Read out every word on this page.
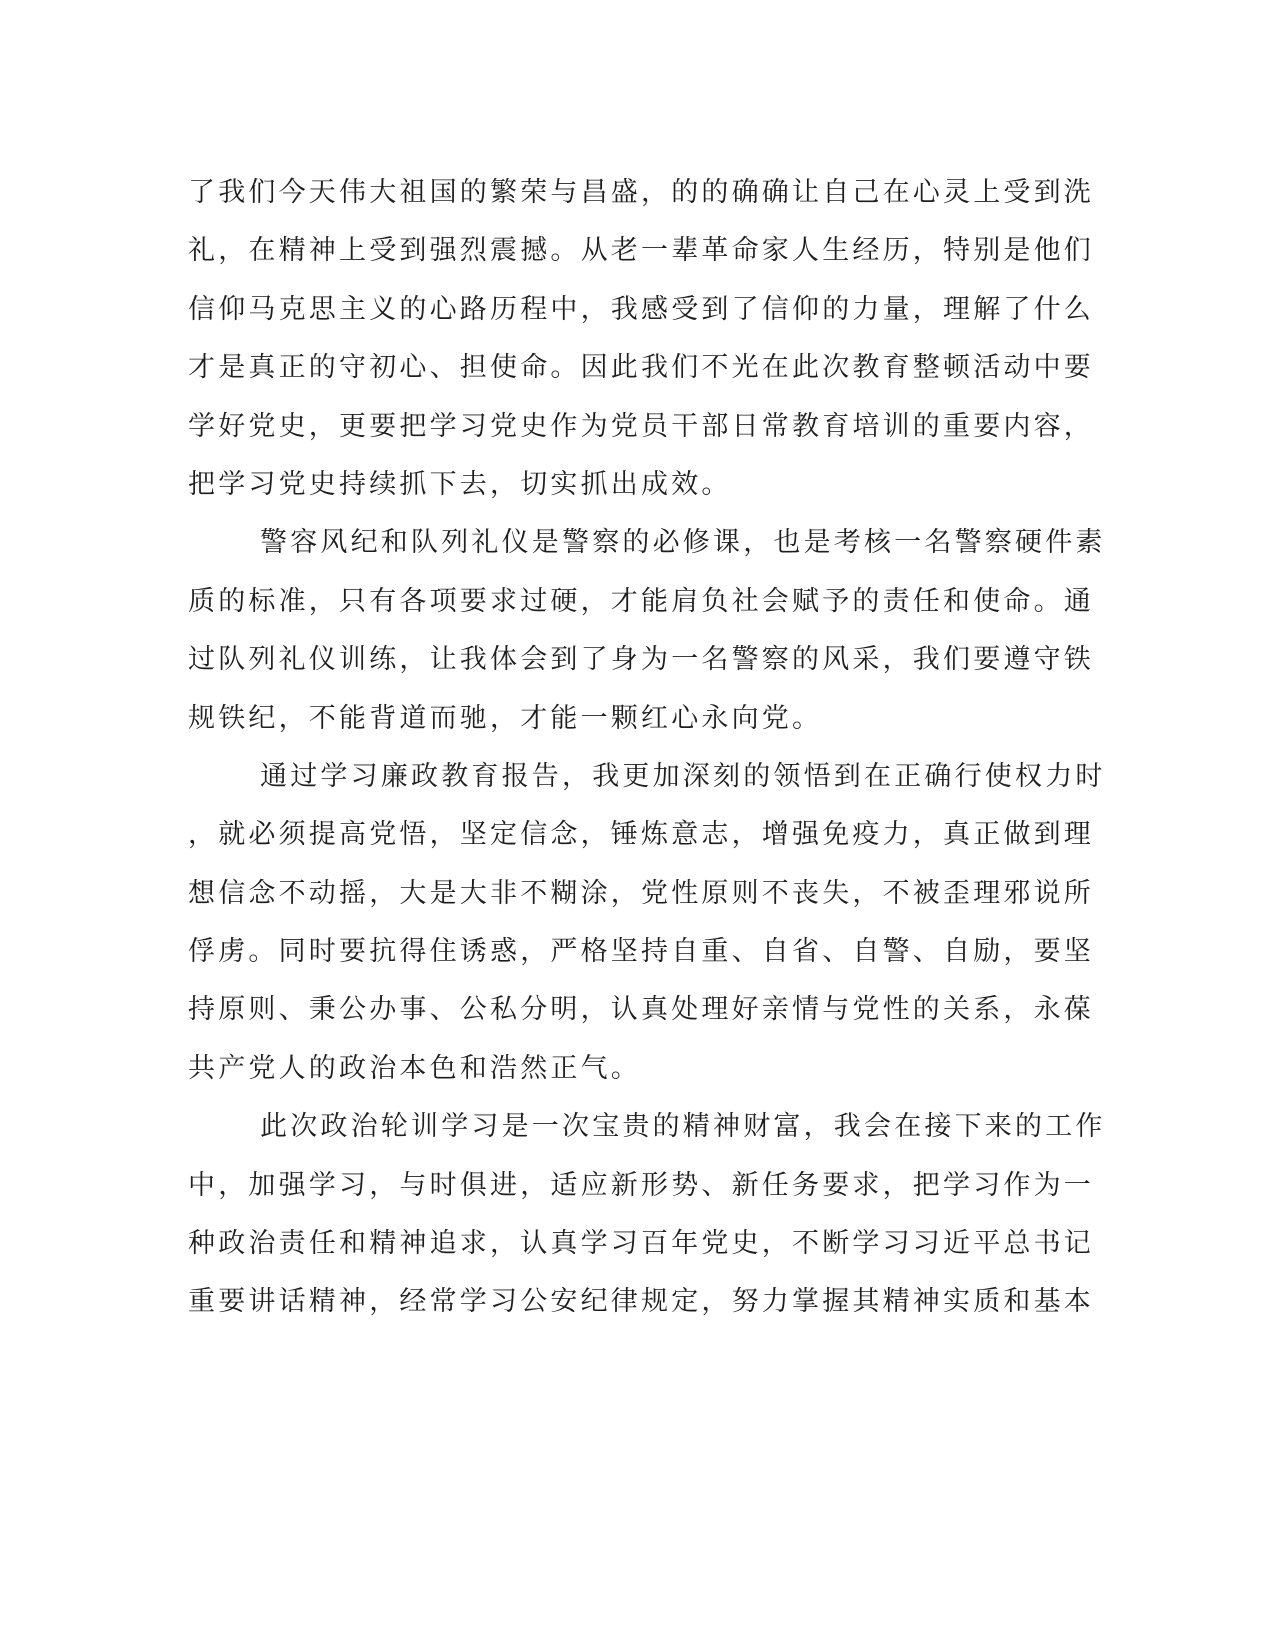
了我们今天伟大祖国的繁荣与昌盛，的的确确让自己在心灵上受到洗
礼，在精神上受到强烈震撼。从老一辈革命家人生经历，特别是他们
信仰马克思主义的心路历程中，我感受到了信仰的力量，理解了什么
才是真正的守初心、担使命。因此我们不光在此次教育整顿活动中要
学好党史，更要把学习党史作为党员干部日常教育培训的重要内容，
把学习党史持续抓下去，切实抓出成效。
警容风纪和队列礼仪是警察的必修课，也是考核一名警察硬件素
质的标准，只有各项要求过硬，才能肩负社会赋予的责任和使命。通
过队列礼仪训练，让我体会到了身为一名警察的风采，我们要遵守铁
规铁纪，不能背道而驰，才能一颗红心永向党。
通过学习廉政教育报告，我更加深刻的领悟到在正确行使权力时
，就必须提高党悟，坚定信念，锤炼意志，增强免疫力，真正做到理
想信念不动摇，大是大非不糊涂，党性原则不丧失，不被歪理邪说所
俘虏。同时要抗得住诱惑，严格坚持自重、自省、自警、自励，要坚
持原则、秉公办事、公私分明，认真处理好亲情与党性的关系，永葆
共产党人的政治本色和浩然正气。
此次政治轮训学习是一次宝贵的精神财富，我会在接下来的工作
中，加强学习，与时俱进，适应新形势、新任务要求，把学习作为一
种政治责任和精神追求，认真学习百年党史，不断学习习近平总书记
重要讲话精神，经常学习公安纪律规定，努力掌握其精神实质和基本
